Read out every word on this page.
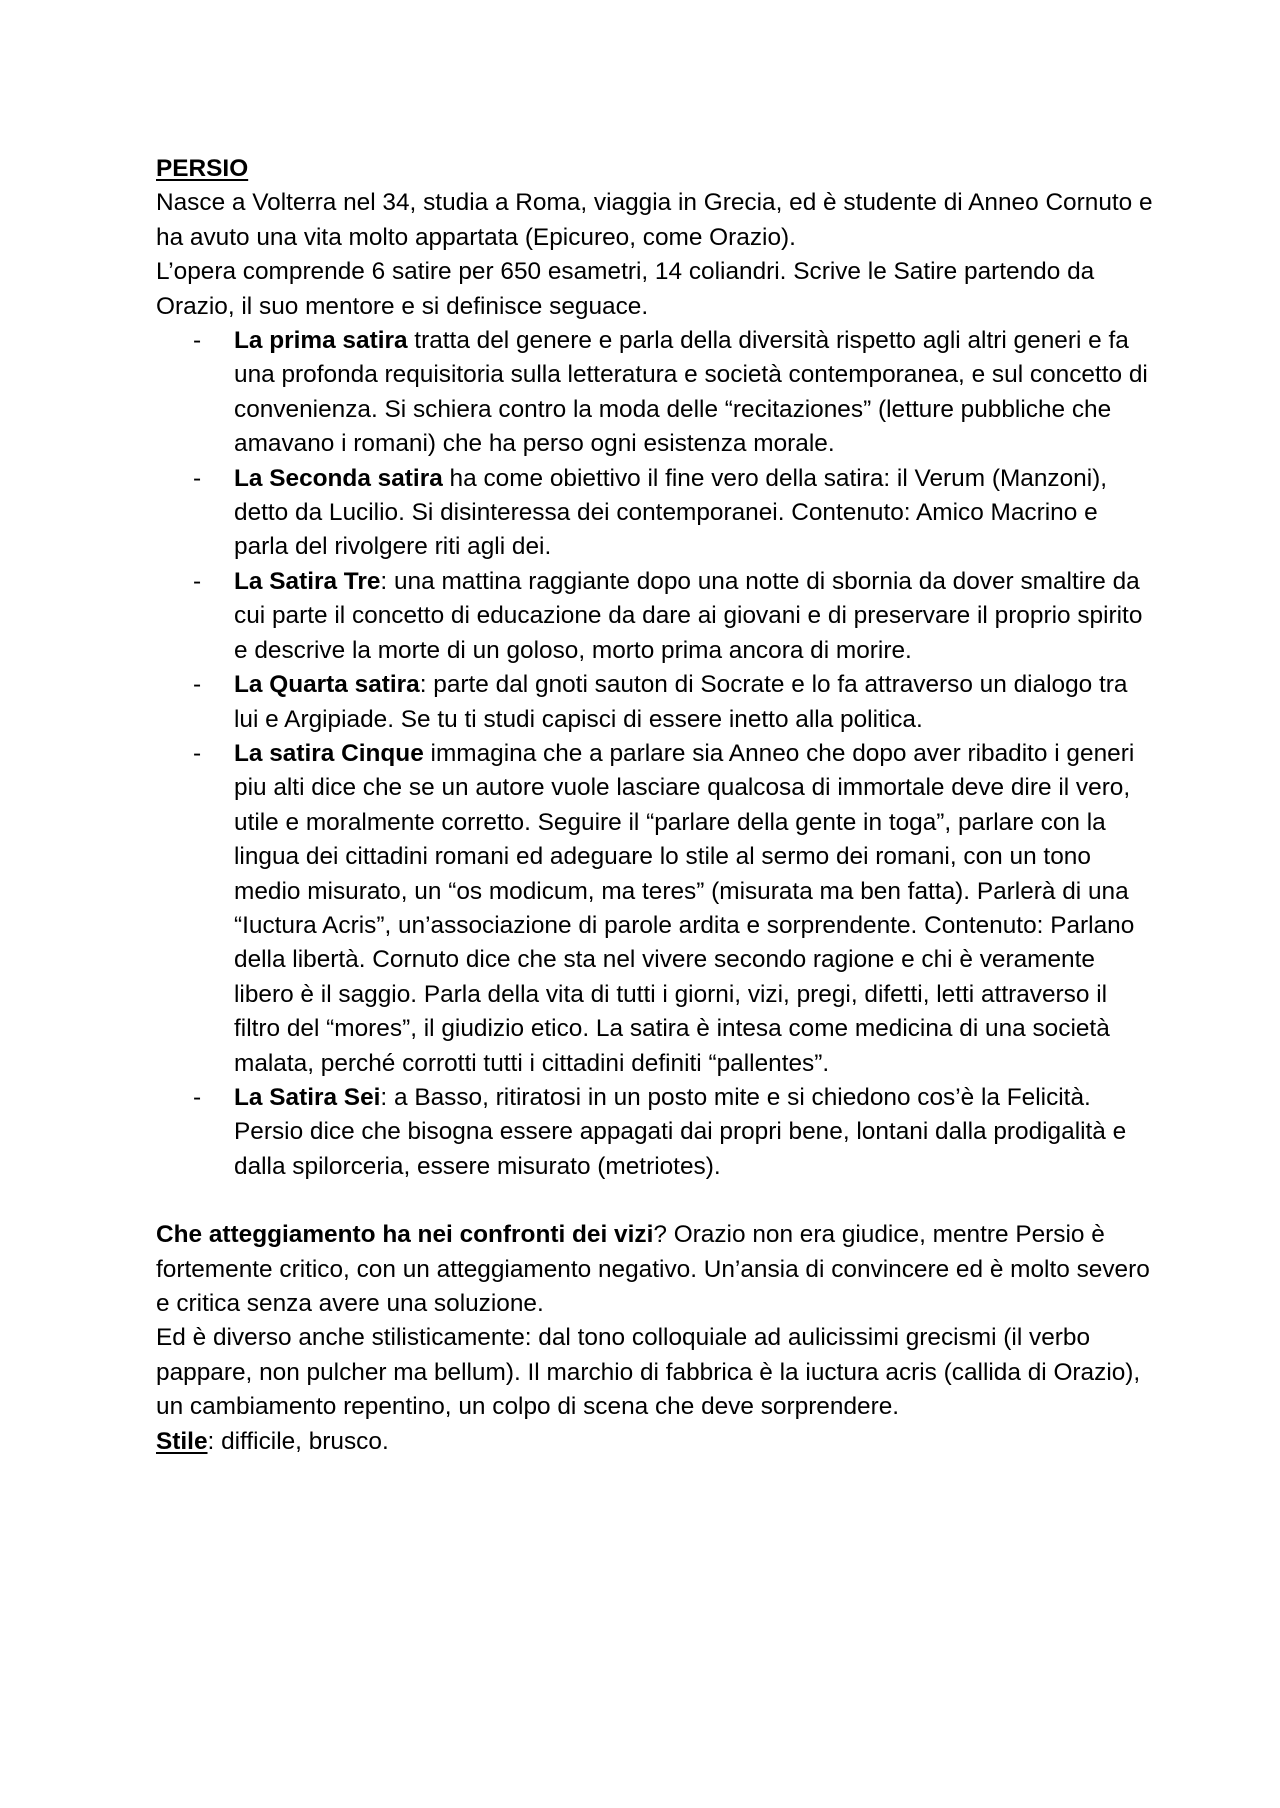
PERSIO

Nasce a Volterra nel 34, studia a Roma, viaggia in Grecia, ed è studente di Anneo Cornuto e ha avuto una vita molto appartata (Epicureo, come Orazio).

L’opera comprende 6 satire per 650 esametri, 14 coliandri. Scrive le Satire partendo da Orazio, il suo mentore e si definisce seguace.

- La prima satira tratta del genere e parla della diversità rispetto agli altri generi e fa una profonda requisitoria sulla letteratura e società contemporanea, e sul concetto di convenienza. Si schiera contro la moda delle “recitaziones” (letture pubbliche che amavano i romani) che ha perso ogni esistenza morale.
- La Seconda satira ha come obiettivo il fine vero della satira: il Verum (Manzoni), detto da Lucilio. Si disinteressa dei contemporanei. Contenuto: Amico Macrino e parla del rivolgere riti agli dei.
- La Satira Tre: una mattina raggiante dopo una notte di sbornia da dover smaltire da cui parte il concetto di educazione da dare ai giovani e di preservare il proprio spirito e descrive la morte di un goloso, morto prima ancora di morire.
- La Quarta satira: parte dal gnoti sauton di Socrate e lo fa attraverso un dialogo tra lui e Argipiade. Se tu ti studi capisci di essere inetto alla politica.
- La satira Cinque immagina che a parlare sia Anneo che dopo aver ribadito i generi piu alti dice che se un autore vuole lasciare qualcosa di immortale deve dire il vero, utile e moralmente corretto. Seguire il “parlare della gente in toga”, parlare con la lingua dei cittadini romani ed adeguare lo stile al sermo dei romani, con un tono medio misurato, un “os modicum, ma teres” (misurata ma ben fatta). Parlerà di una “Iuctura Acris”, un’associazione di parole ardita e sorprendente. Contenuto: Parlano della libertà. Cornuto dice che sta nel vivere secondo ragione e chi è veramente libero è il saggio. Parla della vita di tutti i giorni, vizi, pregi, difetti, letti attraverso il filtro del “mores”, il giudizio etico. La satira è intesa come medicina di una società malata, perché corrotti tutti i cittadini definiti “pallentes”.
- La Satira Sei: a Basso, ritiratosi in un posto mite e si chiedono cos’è la Felicità. Persio dice che bisogna essere appagati dai propri bene, lontani dalla prodigalità e dalla spilorceria, essere misurato (metriotes).

Che atteggiamento ha nei confronti dei vizi? Orazio non era giudice, mentre Persio è fortemente critico, con un atteggiamento negativo. Un’ansia di convincere ed è molto severo e critica senza avere una soluzione.

Ed è diverso anche stilisticamente: dal tono colloquiale ad aulicissimi grecismi (il verbo pappare, non pulcher ma bellum). Il marchio di fabbrica è la iuctura acris (callida di Orazio), un cambiamento repentino, un colpo di scena che deve sorprendere.

Stile: difficile, brusco.
